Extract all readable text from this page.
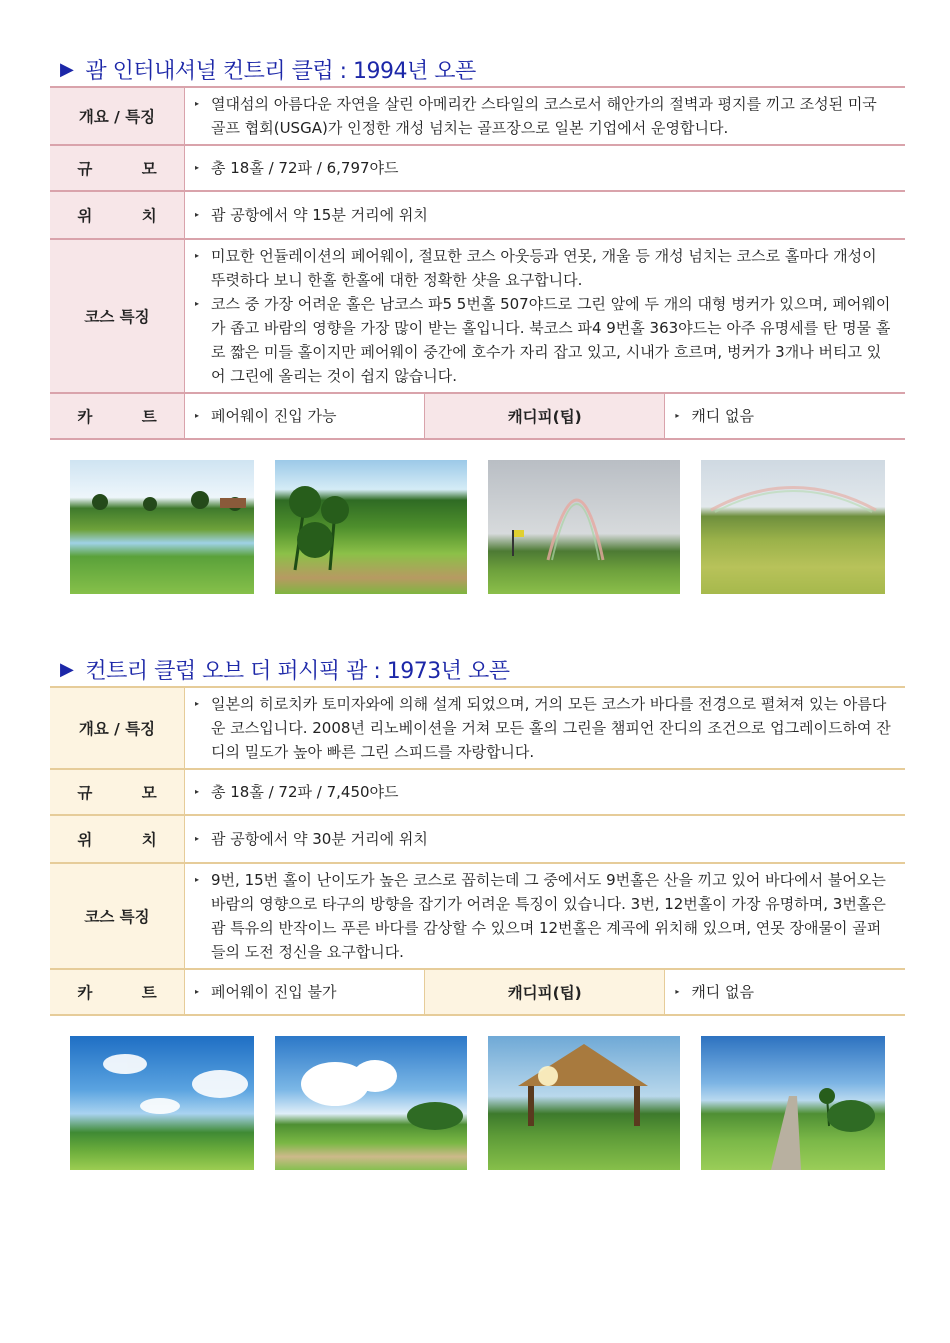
▶ 괌 인터내셔널 컨트리 클럽 : 1994년 오픈
개요 / 특징	▸ 열대섬의 아름다운 자연을 살린 아메리칸 스타일의 코스로서 해안가의 절벽과 평지를 끼고 조성된 미국 골프 협회(USGA)가 인정한 개성 넘치는 골프장으로 일본 기업에서 운영합니다.		

규 모	▸ 총 18홀 / 72파 / 6,797야드		

위 치	▸ 괌 공항에서 약 15분 거리에 위치		

코스 특징	▸ 미묘한 언듈레이션의 페어웨이, 절묘한 코스 아웃등과 연못, 개울 등 개성 넘치는 코스로 홀마다 개성이 뚜렷하다 보니 한홀 한홀에 대한 정확한 샷을 요구합니다.
▸ 코스 중 가장 어려운 홀은 남코스 파5 5번홀 507야드로 그린 앞에 두 개의 대형 벙커가 있으며, 페어웨이가 좁고 바람의 영향을 가장 많이 받는 홀입니다. 북코스 파4 9번홀 363야드는 아주 유명세를 탄 명물 홀로 짧은 미들 홀이지만 페어웨이 중간에 호수가 자리 잡고 있고, 시내가 흐르며, 벙커가 3개나 버티고 있어 그린에 올리는 것이 쉽지 않습니다.		

카 트	▸ 페어웨이 진입 가능	캐디피(팁)	▸ 캐디 없음
▶ 컨트리 클럽 오브 더 퍼시픽 괌 : 1973년 오픈
개요 / 특징	▸ 일본의 히로치카 토미자와에 의해 설계 되었으며, 거의 모든 코스가 바다를 전경으로 펼쳐져 있는 아름다운 코스입니다. 2008년 리노베이션을 거쳐 모든 홀의 그린을 챔피언 잔디의 조건으로 업그레이드하여 잔디의 밀도가 높아 빠른 그린 스피드를 자랑합니다.		

규 모	▸ 총 18홀 / 72파 / 7,450야드		

위 치	▸ 괌 공항에서 약 30분 거리에 위치		

코스 특징	▸ 9번, 15번 홀이 난이도가 높은 코스로 꼽히는데 그 중에서도 9번홀은 산을 끼고 있어 바다에서 불어오는 바람의 영향으로 타구의 방향을 잡기가 어려운 특징이 있습니다. 3번, 12번홀이 가장 유명하며, 3번홀은 괌 특유의 반작이느 푸른 바다를 감상할 수 있으며 12번홀은 계곡에 위치해 있으며, 연못 장애물이 골퍼들의 도전 정신을 요구합니다.		

카 트	▸ 페어웨이 진입 불가	캐디피(팁)	▸ 캐디 없음
